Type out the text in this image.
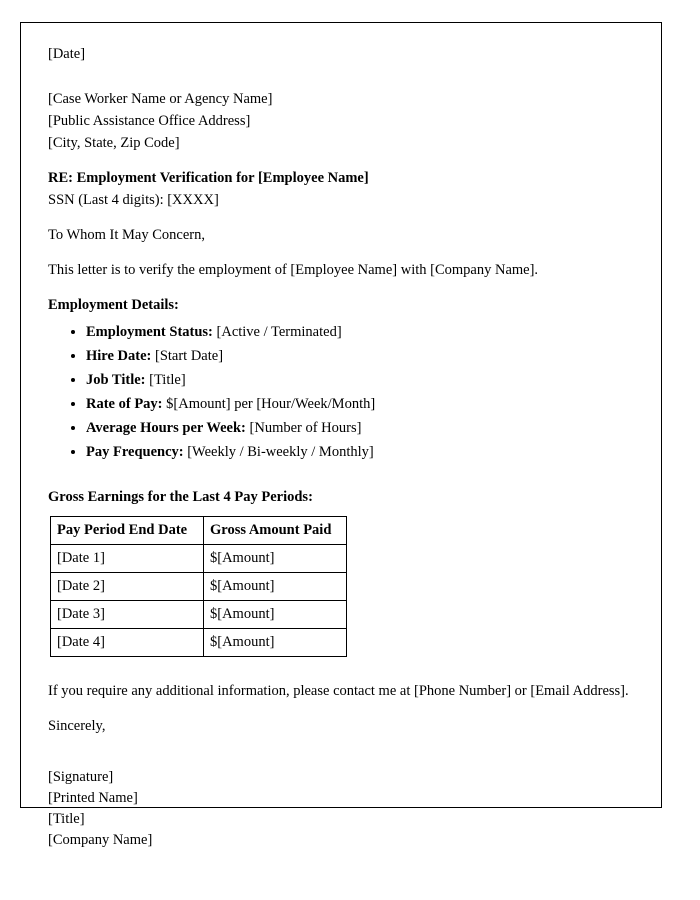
[Date]

[Case Worker Name or Agency Name]

[Public Assistance Office Address]

[City, State, Zip Code]

RE: Employment Verification for [Employee Name]

SSN (Last 4 digits): [XXXX]

To Whom It May Concern,

This letter is to verify the employment of [Employee Name] with [Company Name].

Employment Details:

• Employment Status: [Active / Terminated]
• Hire Date: [Start Date]
• Job Title: [Title]
• Rate of Pay: $[Amount] per [Hour/Week/Month]
• Average Hours per Week: [Number of Hours]
• Pay Frequency: [Weekly / Bi-weekly / Monthly]

Gross Earnings for the Last 4 Pay Periods:

Pay Period End Date	Gross Amount Paid
[Date 1]	$[Amount]
[Date 2]	$[Amount]
[Date 3]	$[Amount]
[Date 4]	$[Amount]

If you require any additional information, please contact me at [Phone Number] or [Email Address].

Sincerely,

[Signature]

[Printed Name]

[Title]

[Company Name]
